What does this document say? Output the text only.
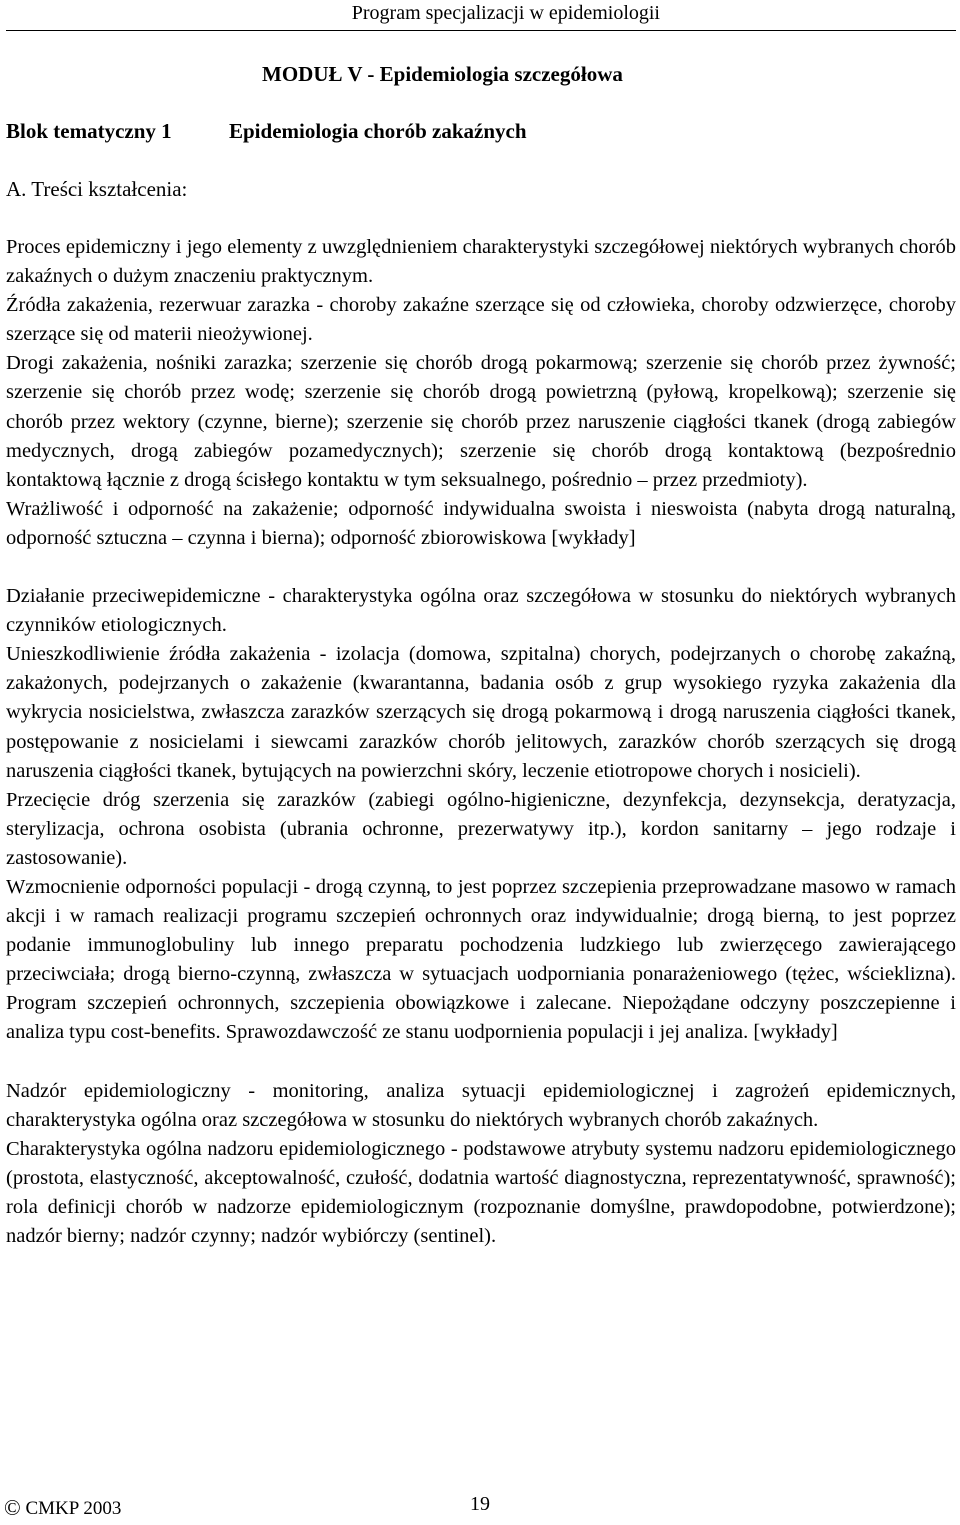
Program specjalizacji w epidemiologii
MODUŁ V - Epidemiologia szczegółowa
Blok tematyczny 1	Epidemiologia chorób zakaźnych
A. Treści kształcenia:

Proces epidemiczny i jego elementy z uwzględnieniem charakterystyki szczegółowej niektórych wybranych chorób zakaźnych o dużym znaczeniu praktycznym.

Źródła zakażenia, rezerwuar zarazka - choroby zakaźne szerzące się od człowieka, choroby odzwierzęce, choroby szerzące się od materii nieożywionej.

Drogi zakażenia, nośniki zarazka; szerzenie się chorób drogą pokarmową; szerzenie się chorób przez żywność; szerzenie się chorób przez wodę; szerzenie się chorób drogą powietrzną (pyłową, kropelkową); szerzenie się chorób przez wektory (czynne, bierne); szerzenie się chorób przez naruszenie ciągłości tkanek (drogą zabiegów medycznych, drogą zabiegów pozamedycznych); szerzenie się chorób drogą kontaktową (bezpośrednio kontaktową łącznie z drogą ścisłego kontaktu w tym seksualnego, pośrednio – przez przedmioty).

Wrażliwość i odporność na zakażenie; odporność indywidualna swoista i nieswoista (nabyta drogą naturalną, odporność sztuczna – czynna i bierna); odporność zbiorowiskowa [wykłady]

Działanie przeciwepidemiczne - charakterystyka ogólna oraz szczegółowa w stosunku do niektórych wybranych czynników etiologicznych.

Unieszkodliwienie źródła zakażenia - izolacja (domowa, szpitalna) chorych, podejrzanych o chorobę zakaźną, zakażonych, podejrzanych o zakażenie (kwarantanna, badania osób z grup wysokiego ryzyka zakażenia dla wykrycia nosicielstwa, zwłaszcza zarazków szerzących się drogą pokarmową i drogą naruszenia ciągłości tkanek, postępowanie z nosicielami i siewcami zarazków chorób jelitowych, zarazków chorób szerzących się drogą naruszenia ciągłości tkanek, bytujących na powierzchni skóry, leczenie etiotropowe chorych i nosicieli).

Przecięcie dróg szerzenia się zarazków (zabiegi ogólno-higieniczne, dezynfekcja, dezynsekcja, deratyzacja, sterylizacja, ochrona osobista (ubrania ochronne, prezerwatywy itp.), kordon sanitarny – jego rodzaje i zastosowanie).

Wzmocnienie odporności populacji - drogą czynną, to jest poprzez szczepienia przeprowadzane masowo w ramach akcji i w ramach realizacji programu szczepień ochronnych oraz indywidualnie; drogą bierną, to jest poprzez podanie immunoglobuliny lub innego preparatu pochodzenia ludzkiego lub zwierzęcego zawierającego przeciwciała; drogą bierno-czynną, zwłaszcza w sytuacjach uodporniania ponarażeniowego (tężec, wścieklizna). Program szczepień ochronnych, szczepienia obowiązkowe i zalecane. Niepożądane odczyny poszczepienne i analiza typu cost-benefits. Sprawozdawczość ze stanu uodpornienia populacji i jej analiza. [wykłady]

Nadzór epidemiologiczny - monitoring, analiza sytuacji epidemiologicznej i zagrożeń epidemicznych, charakterystyka ogólna oraz szczegółowa w stosunku do niektórych wybranych chorób zakaźnych.

Charakterystyka ogólna nadzoru epidemiologicznego - podstawowe atrybuty systemu nadzoru epidemiologicznego (prostota, elastyczność, akceptowalność, czułość, dodatnia wartość diagnostyczna, reprezentatywność, sprawność); rola definicji chorób w nadzorze epidemiologicznym (rozpoznanie domyślne, prawdopodobne, potwierdzone); nadzór bierny; nadzór czynny; nadzór wybiórczy (sentinel).

© CMKP 2003	19
